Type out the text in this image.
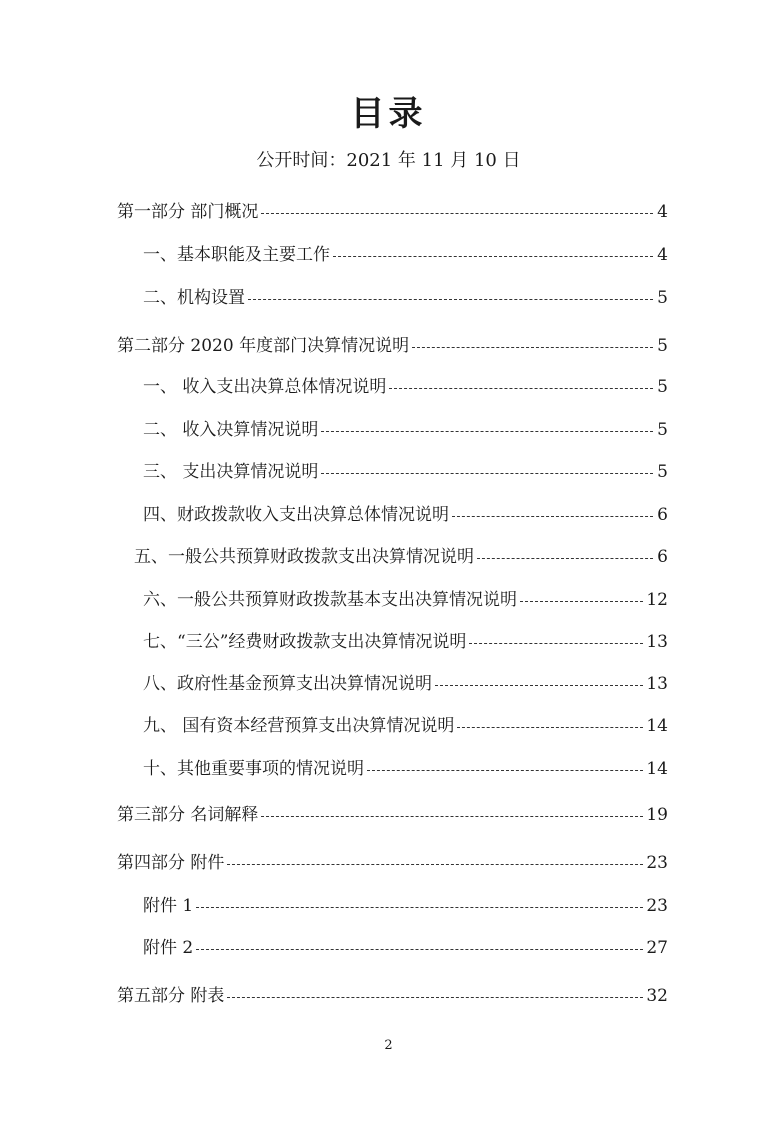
目录
公开时间：2021 年 11 月 10 日
第一部分 部门概况	4
一、基本职能及主要工作	4
二、机构设置	5
第二部分 2020 年度部门决算情况说明	5
一、 收入支出决算总体情况说明	5
二、 收入决算情况说明	5
三、 支出决算情况说明	5
四、财政拨款收入支出决算总体情况说明	6
五、一般公共预算财政拨款支出决算情况说明	6
六、一般公共预算财政拨款基本支出决算情况说明	12
七、“三公”经费财政拨款支出决算情况说明	13
八、政府性基金预算支出决算情况说明	13
九、 国有资本经营预算支出决算情况说明	14
十、其他重要事项的情况说明	14
第三部分 名词解释	19
第四部分 附件	23
附件 1	23
附件 2	27
第五部分 附表	32
2
